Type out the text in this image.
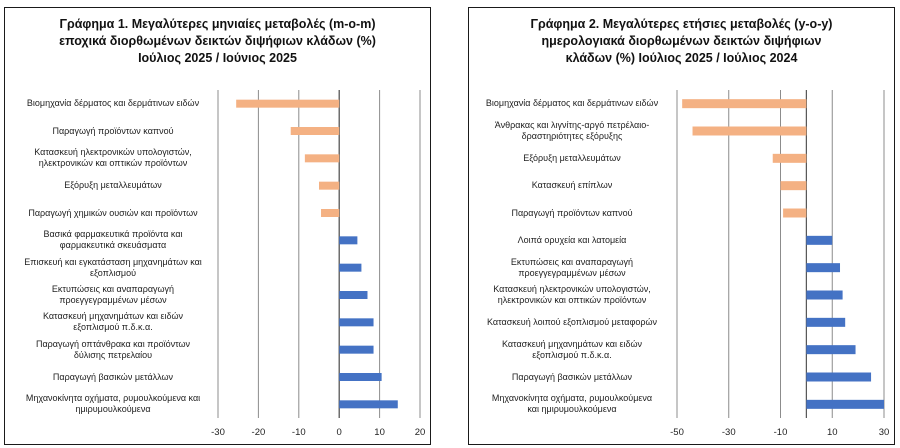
Γράφημα 1. Μεγαλύτερες μηνιαίες μεταβολές (m-o-m)
εποχικά διορθωμένων δεικτών διψήφιων κλάδων (%)
Ιούλιος 2025 / Ιούνιος 2025
Βιομηχανία δέρματος και δερμάτινων ειδών
Παραγωγή προϊόντων καπνού
Κατασκευή ηλεκτρονικών υπολογιστών,
ηλεκτρονικών και οπτικών προϊόντων
Εξόρυξη μεταλλευμάτων
Παραγωγή χημικών ουσιών και προϊόντων
Βασικά φαρμακευτικά προϊόντα και
φαρμακευτικά σκευάσματα
Επισκευή και εγκατάσταση μηχανημάτων και
εξοπλισμού
Εκτυπώσεις και αναπαραγωγή
προεγγεγραμμένων μέσων
Κατασκευή μηχανημάτων και ειδών
εξοπλισμού π.δ.κ.α.
Παραγωγή οπτάνθρακα και προϊόντων
δύλισης πετρελαίου
Παραγωγή βασικών μετάλλων
Μηχανοκίνητα οχήματα, ρυμουλκούμενα και
ημιρυμουλκούμενα
-30	-20	-10	0	10	20
Γράφημα 2. Μεγαλύτερες ετήσιες μεταβολές (y-o-y)
ημερολογιακά διορθωμένων δεικτών διψήφιων
κλάδων (%) Ιούλιος 2025 / Ιούλιος 2024
Βιομηχανία δέρματος και δερμάτινων ειδών
Άνθρακας και λιγνίτης-αργό πετρέλαιο-
δραστηριότητες εξόρυξης
Εξόρυξη μεταλλευμάτων
Κατασκευή επίπλων
Παραγωγή προϊόντων καπνού
Λοιπά ορυχεία και λατομεία
Εκτυπώσεις και αναπαραγωγή
προεγγεγραμμένων μέσων
Κατασκευή ηλεκτρονικών υπολογιστών,
ηλεκτρονικών και οπτικών προϊόντων
Κατασκευή λοιπού εξοπλισμού μεταφορών
Κατασκευή μηχανημάτων και ειδών
εξοπλισμού π.δ.κ.α.
Παραγωγή βασικών μετάλλων
Μηχανοκίνητα οχήματα, ρυμουλκούμενα
και ημιρυμουλκούμενα
-50	-30	-10	10	30
